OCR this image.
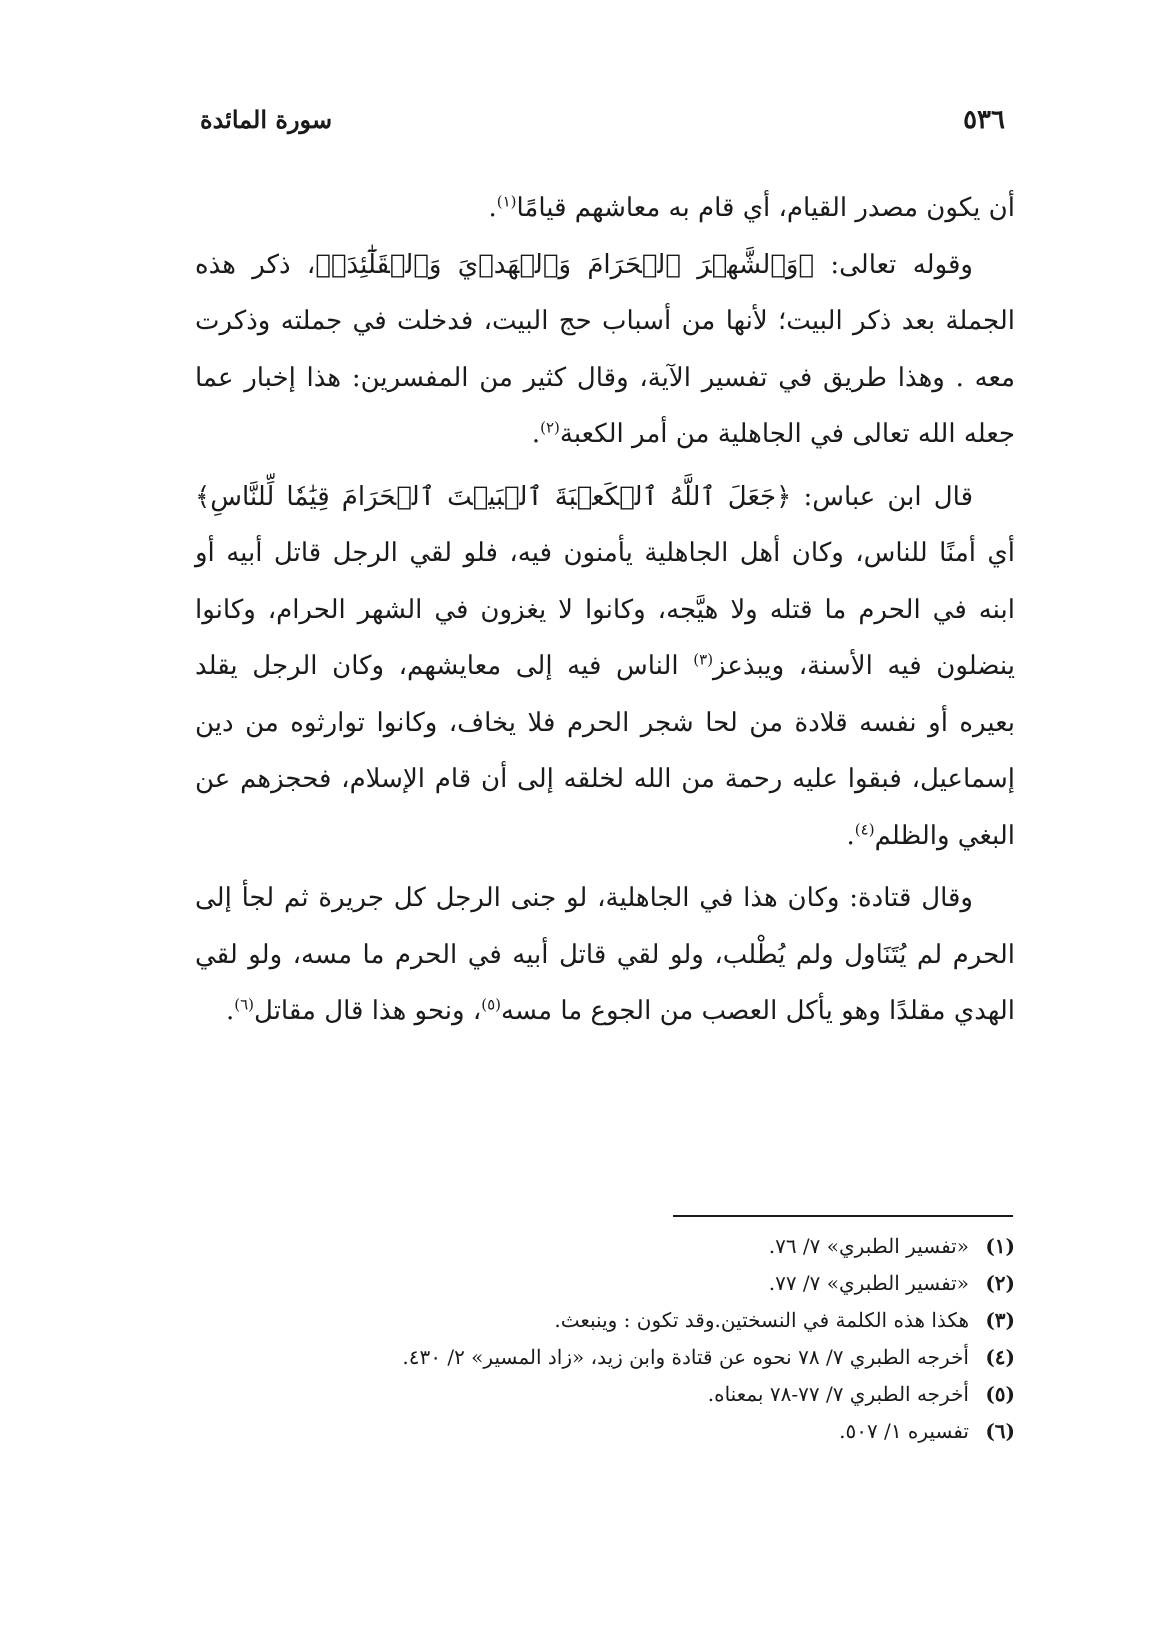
٥٣٦
سورة المائدة

أن يكون مصدر القيام، أي قام به معاشهم قيامًا$^{(١)}$.

وقوله تعالى: ﴿وَٱلشَّهۡرَ ٱلۡحَرَامَ وَٱلۡهَدۡيَ وَٱلۡقَلَٰٓئِدَۚ﴾، ذكر هذه الجملة بعد ذكر البيت؛ لأنها من أسباب حج البيت، فدخلت في جملته وذكرت معه . وهذا طريق في تفسير الآية، وقال كثير من المفسرين: هذا إخبار عما جعله الله تعالى في الجاهلية من أمر الكعبة$^{(٢)}$.

قال ابن عباس: ﴿جَعَلَ ٱللَّهُ ٱلۡكَعۡبَةَ ٱلۡبَيۡتَ ٱلۡحَرَامَ قِيَٰمٗا لِّلنَّاسِ﴾ أي أمنًا للناس، وكان أهل الجاهلية يأمنون فيه، فلو لقي الرجل قاتل أبيه أو ابنه في الحرم ما قتله ولا هيَّجه، وكانوا لا يغزون في الشهر الحرام، وكانوا ينضلون فيه الأسنة، ويبذعز$^{(٣)}$ الناس فيه إلى معايشهم، وكان الرجل يقلد بعيره أو نفسه قلادة من لحا شجر الحرم فلا يخاف، وكانوا توارثوه من دين إسماعيل، فبقوا عليه رحمة من الله لخلقه إلى أن قام الإسلام، فحجزهم عن البغي والظلم$^{(٤)}$.

وقال قتادة: وكان هذا في الجاهلية، لو جنى الرجل كل جريرة ثم لجأ إلى الحرم لم يُتَنَاول ولم يُطْلب، ولو لقي قاتل أبيه في الحرم ما مسه، ولو لقي الهدي مقلدًا وهو يأكل العصب من الجوع ما مسه$^{(٥)}$، ونحو هذا قال مقاتل$^{(٦)}$.

(١)
«تفسير الطبري» ٧/ ٧٦.
(٢)
«تفسير الطبري» ٧/ ٧٧.
(٣)
هكذا هذه الكلمة في النسختين.وقد تكون : وينبعث.
(٤)
أخرجه الطبري ٧/ ٧٨ نحوه عن قتادة وابن زيد، «زاد المسير» ٢/ ٤٣٠.
(٥)
أخرجه الطبري ٧/ ٧٧-٧٨ بمعناه.
(٦)
تفسيره ١/ ٥٠٧.
